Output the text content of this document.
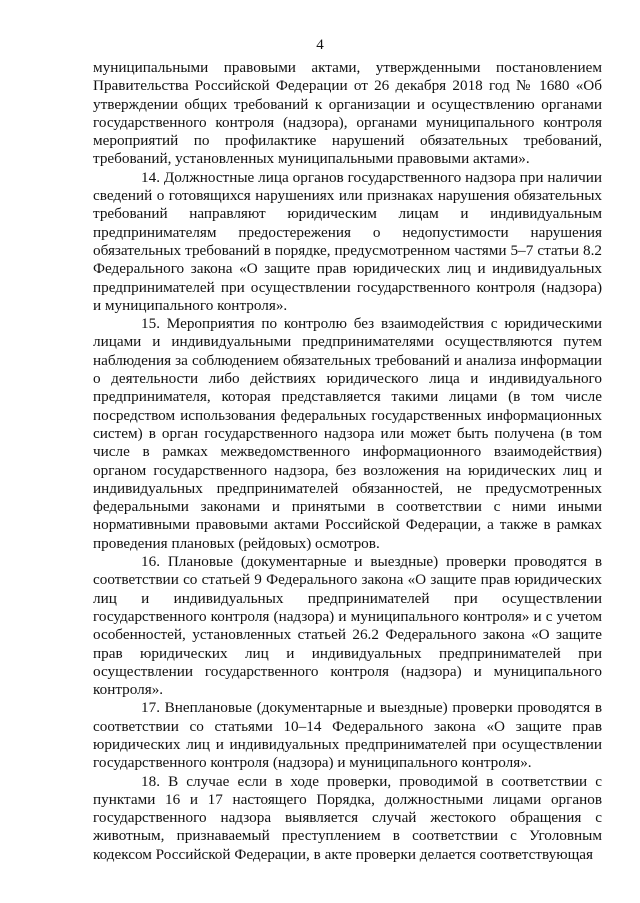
4

муниципальными правовыми актами, утвержденными постановлением Правительства Российской Федерации от 26 декабря 2018 год № 1680 «Об утверждении общих требований к организации и осуществлению органами государственного контроля (надзора), органами муниципального контроля мероприятий по профилактике нарушений обязательных требований, требований, установленных муниципальными правовыми актами».

14. Должностные лица органов государственного надзора при наличии сведений о готовящихся нарушениях или признаках нарушения обязательных требований направляют юридическим лицам и индивидуальным предпринимателям предостережения о недопустимости нарушения обязательных требований в порядке, предусмотренном частями 5–7 статьи 8.2 Федерального закона «О защите прав юридических лиц и индивидуальных предпринимателей при осуществлении государственного контроля (надзора) и муниципального контроля».

15. Мероприятия по контролю без взаимодействия с юридическими лицами и индивидуальными предпринимателями осуществляются путем наблюдения за соблюдением обязательных требований и анализа информации о деятельности либо действиях юридического лица и индивидуального предпринимателя, которая представляется такими лицами (в том числе посредством использования федеральных государственных информационных систем) в орган государственного надзора или может быть получена (в том числе в рамках межведомственного информационного взаимодействия) органом государственного надзора, без возложения на юридических лиц и индивидуальных предпринимателей обязанностей, не предусмотренных федеральными законами и принятыми в соответствии с ними иными нормативными правовыми актами Российской Федерации, а также в рамках проведения плановых (рейдовых) осмотров.

16. Плановые (документарные и выездные) проверки проводятся в соответствии со статьей 9 Федерального закона «О защите прав юридических лиц и индивидуальных предпринимателей при осуществлении государственного контроля (надзора) и муниципального контроля» и с учетом особенностей, установленных статьей 26.2 Федерального закона «О защите прав юридических лиц и индивидуальных предпринимателей при осуществлении государственного контроля (надзора) и муниципального контроля».

17. Внеплановые (документарные и выездные) проверки проводятся в соответствии со статьями 10–14 Федерального закона «О защите прав юридических лиц и индивидуальных предпринимателей при осуществлении государственного контроля (надзора) и муниципального контроля».

18. В случае если в ходе проверки, проводимой в соответствии с пунктами 16 и 17 настоящего Порядка, должностными лицами органов государственного надзора выявляется случай жестокого обращения с животным, признаваемый преступлением в соответствии с Уголовным кодексом Российской Федерации, в акте проверки делается соответствующая
